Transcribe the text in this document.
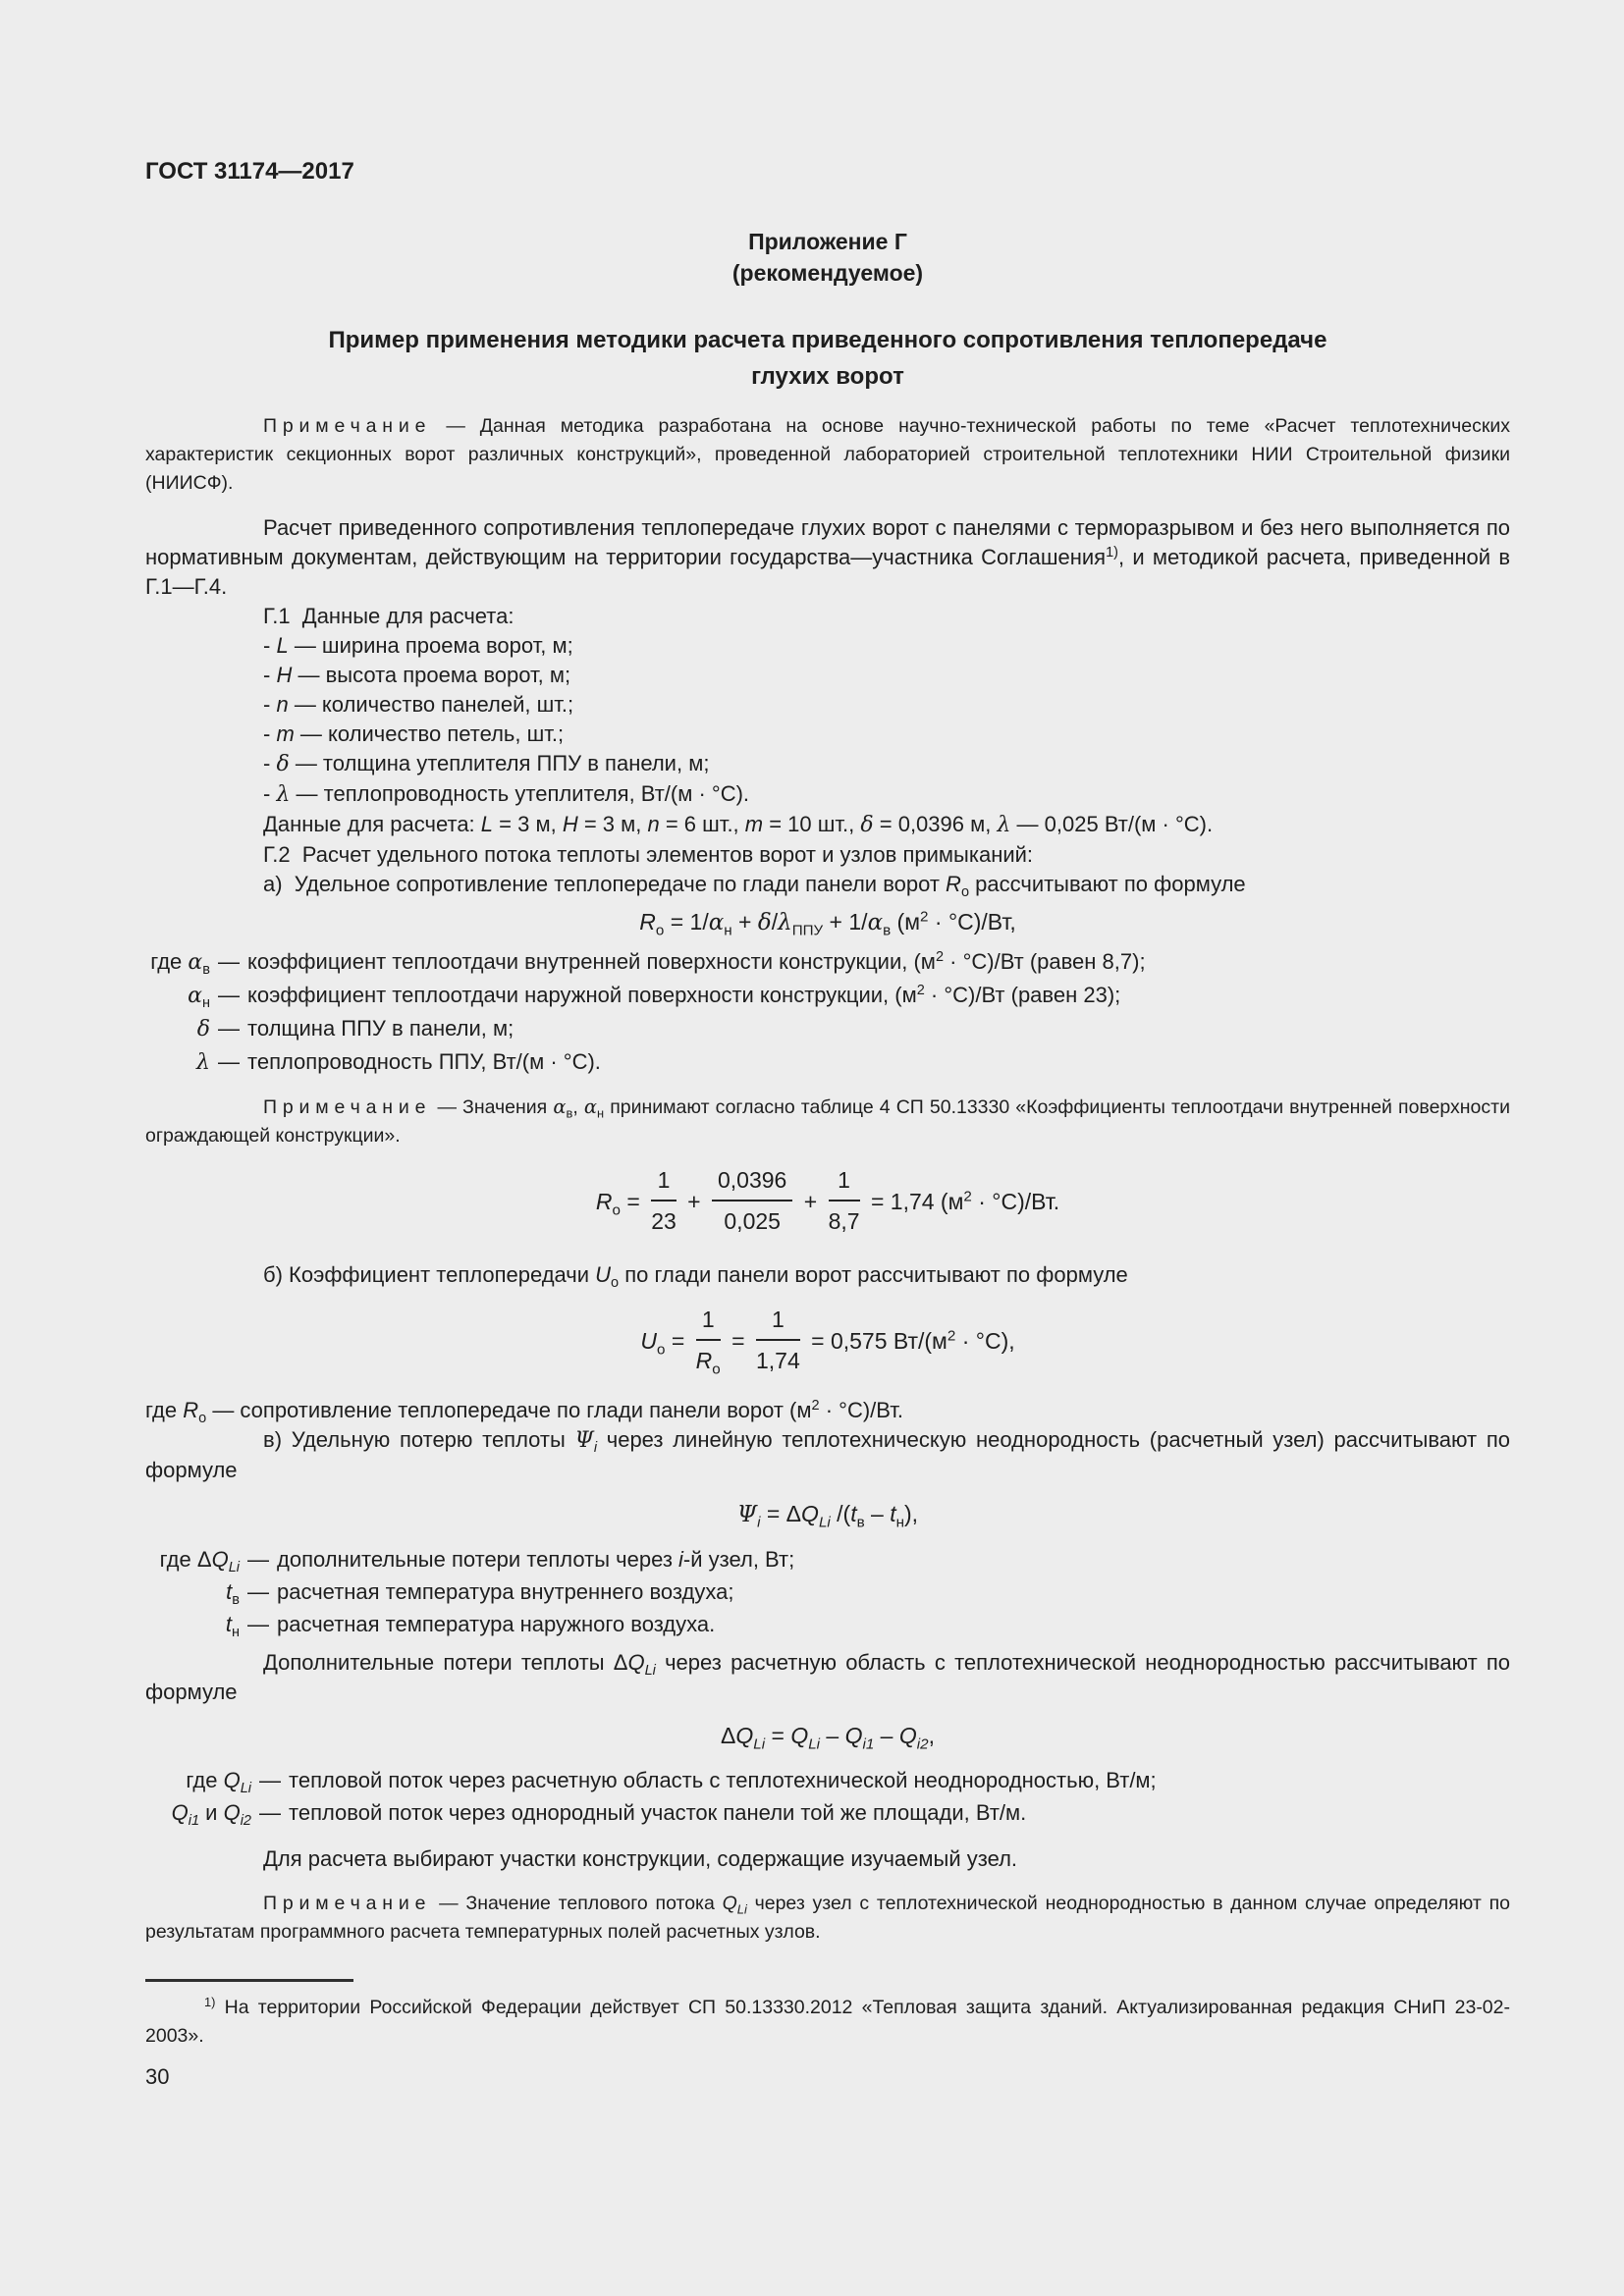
ГОСТ 31174—2017
Приложение Г
(рекомендуемое)
Пример применения методики расчета приведенного сопротивления теплопередаче
глухих ворот

Примечание — Данная методика разработана на основе научно-технической работы по теме «Расчет теплотехнических характеристик секционных ворот различных конструкций», проведенной лабораторией строительной теплотехники НИИ Строительной физики (НИИСФ).

Расчет приведенного сопротивления теплопередаче глухих ворот с панелями с терморазрывом и без него выполняется по нормативным документам, действующим на территории государства—участника Соглашения$^{1)}$, и методикой расчета, приведенной в Г.1—Г.4.

Г.1  Данные для расчета:
- L — ширина проема ворот, м;
- H — высота проема ворот, м;
- n — количество панелей, шт.;
- m — количество петель, шт.;
- δ — толщина утеплителя ППУ в панели, м;
- λ — теплопроводность утеплителя, Вт/(м · °С).
Данные для расчета: L = 3 м, H = 3 м, n = 6 шт., m = 10 шт., δ = 0,0396 м, λ — 0,025 Вт/(м · °С).
Г.2  Расчет удельного потока теплоты элементов ворот и узлов примыканий:
а)  Удельное сопротивление теплопередаче по глади панели ворот $R_о$ рассчитывают по формуле
$R_о = 1/\alpha_н + \delta/\lambda_{ППУ} + 1/\alpha_в$ $(м^2 \cdot ^\circ С)/Вт$,
где $\alpha_в$ — коэффициент теплоотдачи внутренней поверхности конструкции, $(м^2 \cdot ^\circ С)/Вт$ (равен 8,7);
$\alpha_н$ — коэффициент теплоотдачи наружной поверхности конструкции, $(м^2 \cdot ^\circ С)/Вт$ (равен 23);
δ — толщина ППУ в панели, м;
λ — теплопроводность ППУ, Вт/(м · °С).

Примечание — Значения $\alpha_в$, $\alpha_н$ принимают согласно таблице 4 СП 50.13330 «Коэффициенты теплоотдачи внутренней поверхности ограждающей конструкции».

$R_о = \frac{1}{23} + \frac{0,0396}{0,025} + \frac{1}{8,7} = 1,74$ $(м^2 \cdot ^\circ С)/Вт$.
б) Коэффициент теплопередачи $U_о$ по глади панели ворот рассчитывают по формуле
$U_о = \frac{1}{R_о} = \frac{1}{1,74} = 0,575$ $Вт/(м^2 \cdot ^\circ С)$,
где $R_о$ — сопротивление теплопередаче по глади панели ворот $(м^2 \cdot ^\circ С)/Вт$.

в) Удельную потерю теплоты $\Psi_i$ через линейную теплотехническую неоднородность (расчетный узел) рассчитывают по формуле

$\Psi_i = \Delta Q_{Li}$ $/(t_в - t_н)$,
где $\Delta Q_{Li}$ — дополнительные потери теплоты через i-й узел, Вт;
$t_в$ — расчетная температура внутреннего воздуха;
$t_н$ — расчетная температура наружного воздуха.

Дополнительные потери теплоты $\Delta Q_{Li}$ через расчетную область с теплотехнической неоднородностью рассчитывают по формуле

$\Delta Q_{Li} = Q_{Li} - Q_{i1} - Q_{i2}$,
где $Q_{Li}$ — тепловой поток через расчетную область с теплотехнической неоднородностью, Вт/м;
$Q_{i1}$ и $Q_{i2}$ — тепловой поток через однородный участок панели той же площади, Вт/м.
Для расчета выбирают участки конструкции, содержащие изучаемый узел.

Примечание — Значение теплового потока $Q_{Li}$ через узел с теплотехнической неоднородностью в данном случае определяют по результатам программного расчета температурных полей расчетных узлов.

$^{1)}$ На территории Российской Федерации действует СП 50.13330.2012 «Тепловая защита зданий. Актуализированная редакция СНиП 23-02-2003».

30
